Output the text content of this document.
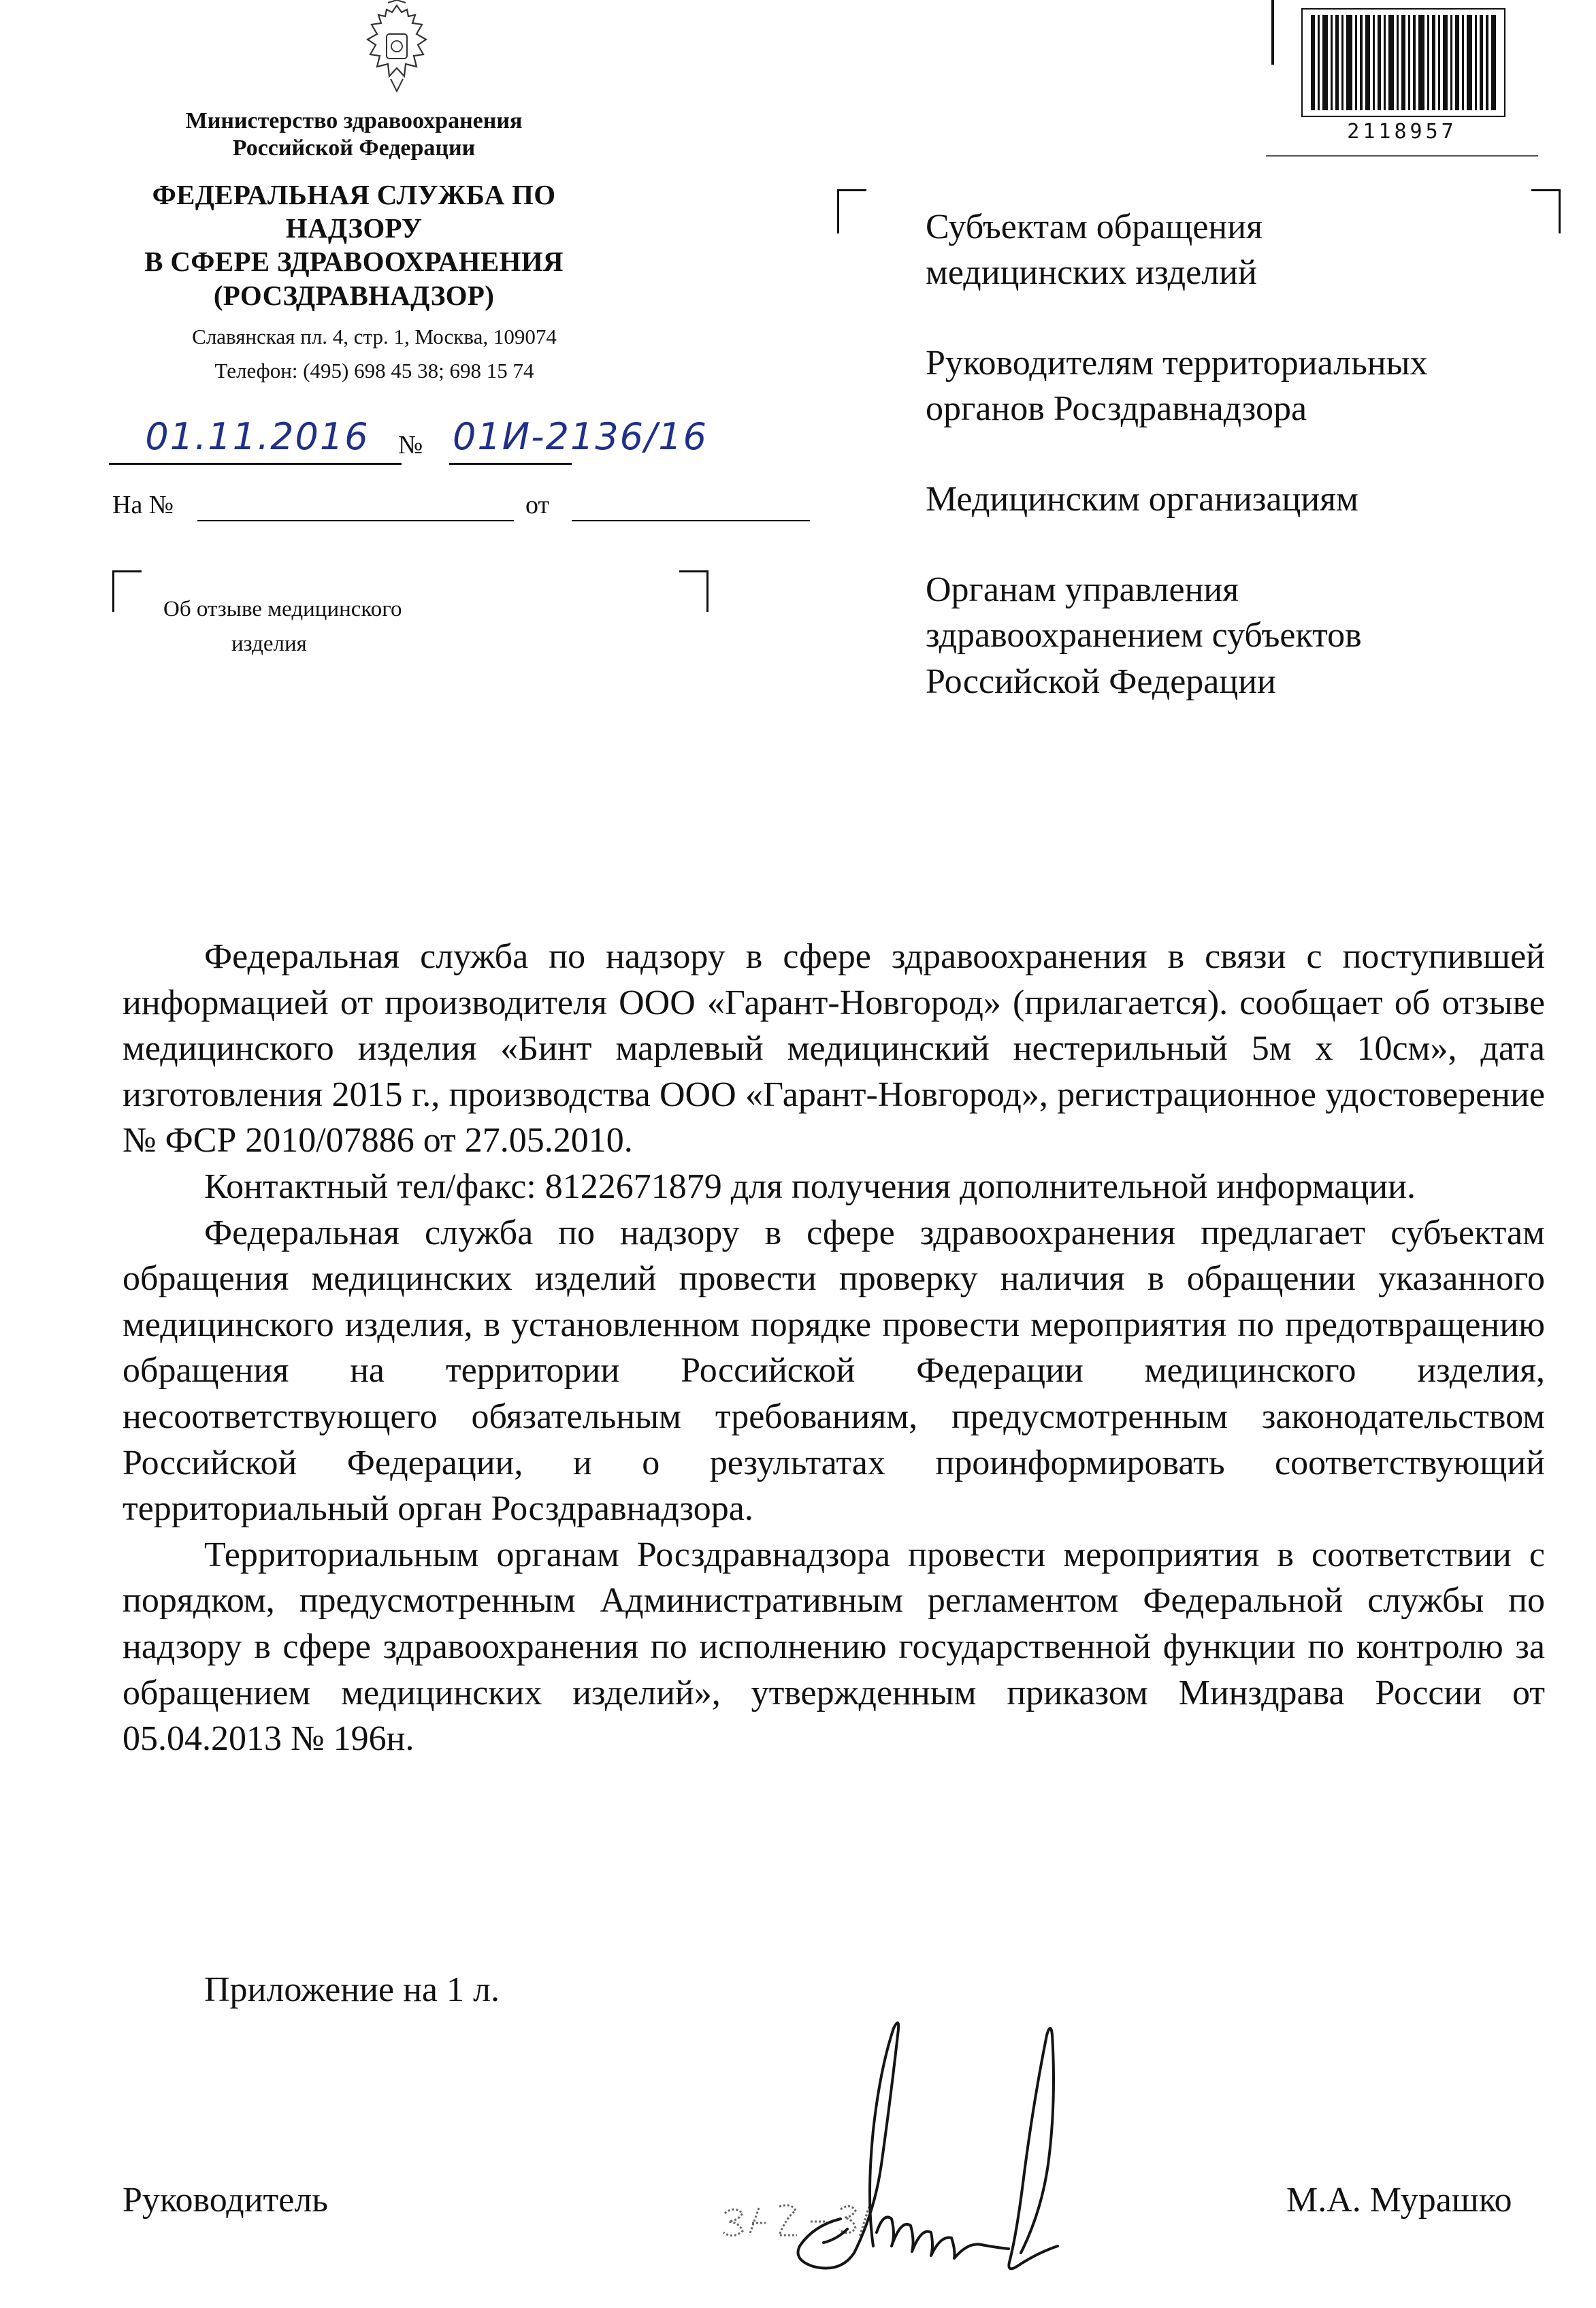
Министерство здравоохранения
Российской Федерации
ФЕДЕРАЛЬНАЯ СЛУЖБА ПО НАДЗОРУ
В СФЕРЕ ЗДРАВООХРАНЕНИЯ
(РОСЗДРАВНАДЗОР)
Славянская пл. 4, стр. 1, Москва, 109074
Телефон: (495) 698 45 38; 698 15 74
01.11.2016	№ 01И-2136/16
На №	от
Об отзыве медицинского
изделия
2118957
Субъектам обращения
медицинских изделий
Руководителям территориальных
органов Росздравнадзора
Медицинским организациям
Органам управления
здравоохранением субъектов
Российской Федерации

Федеральная служба по надзору в сфере здравоохранения в связи с поступившей информацией от производителя ООО «Гарант-Новгород» (прилагается). сообщает об отзыве медицинского изделия «Бинт марлевый медицинский нестерильный 5м х 10см», дата изготовления 2015 г., производства ООО «Гарант-Новгород», регистрационное удостоверение № ФСР 2010/07886 от 27.05.2010.

Контактный тел/факс: 8122671879 для получения дополнительной информации.

Федеральная служба по надзору в сфере здравоохранения предлагает субъектам обращения медицинских изделий провести проверку наличия в обращении указанного медицинского изделия, в установленном порядке провести мероприятия по предотвращению обращения на территории Российской Федерации медицинского изделия, несоответствующего обязательным требованиям, предусмотренным законодательством Российской Федерации, и о результатах проинформировать соответствующий территориальный орган Росздравнадзора.

Территориальным органам Росздравнадзора провести мероприятия в соответствии с порядком, предусмотренным Административным регламентом Федеральной службы по надзору в сфере здравоохранения по исполнению государственной функции по контролю за обращением медицинских изделий», утвержденным приказом Минздрава России от 05.04.2013 № 196н.

Приложение на 1 л.
Руководитель	М.А. Мурашко
